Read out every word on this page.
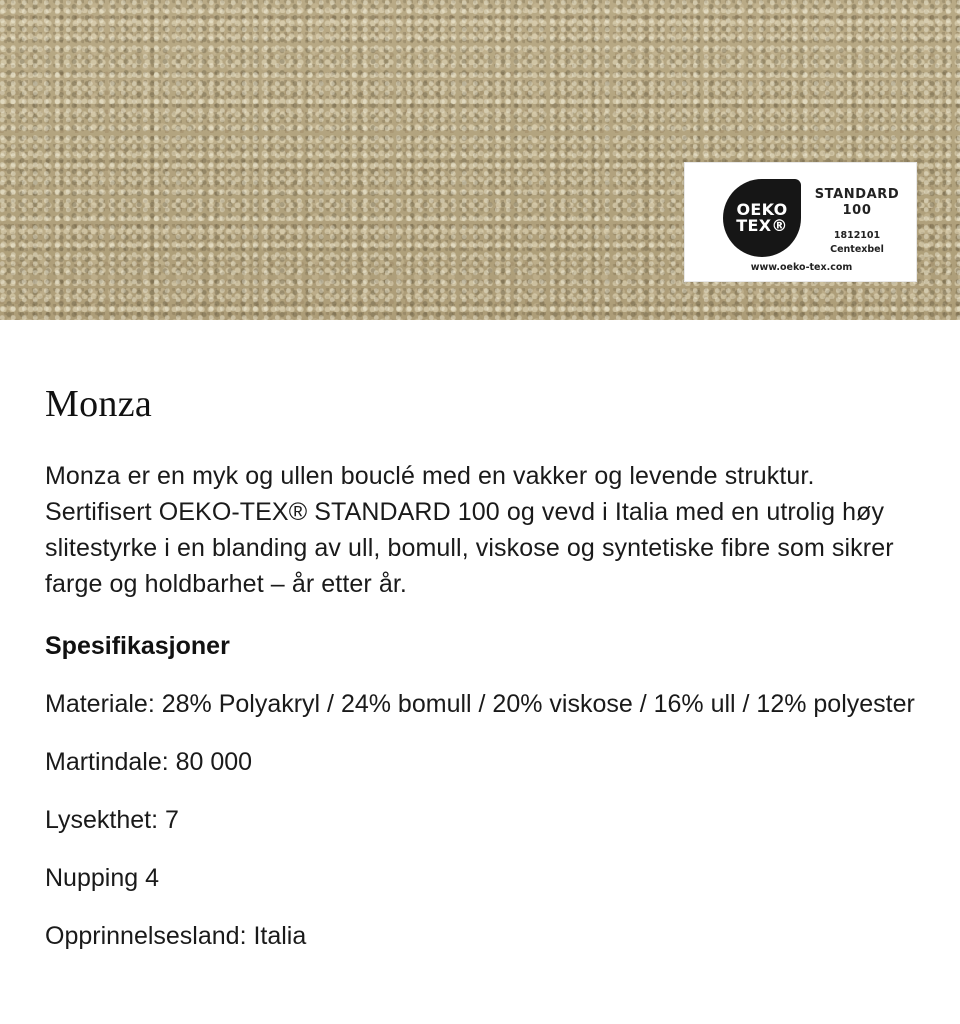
OEKO
TEX®
STANDARD
100
1812101
Centexbel
www.oeko-tex.com
Monza

Monza er en myk og ullen bouclé med en vakker og levende struktur. Sertifisert OEKO-TEX® STANDARD 100 og vevd i Italia med en utrolig høy slitestyrke i en blanding av ull, bomull, viskose og syntetiske fibre som sikrer farge og holdbarhet – år etter år.

Spesifikasjoner

Materiale: 28% Polyakryl / 24% bomull / 20% viskose / 16% ull / 12% polyester

Martindale: 80 000

Lysekthet: 7

Nupping 4

Opprinnelsesland: Italia
